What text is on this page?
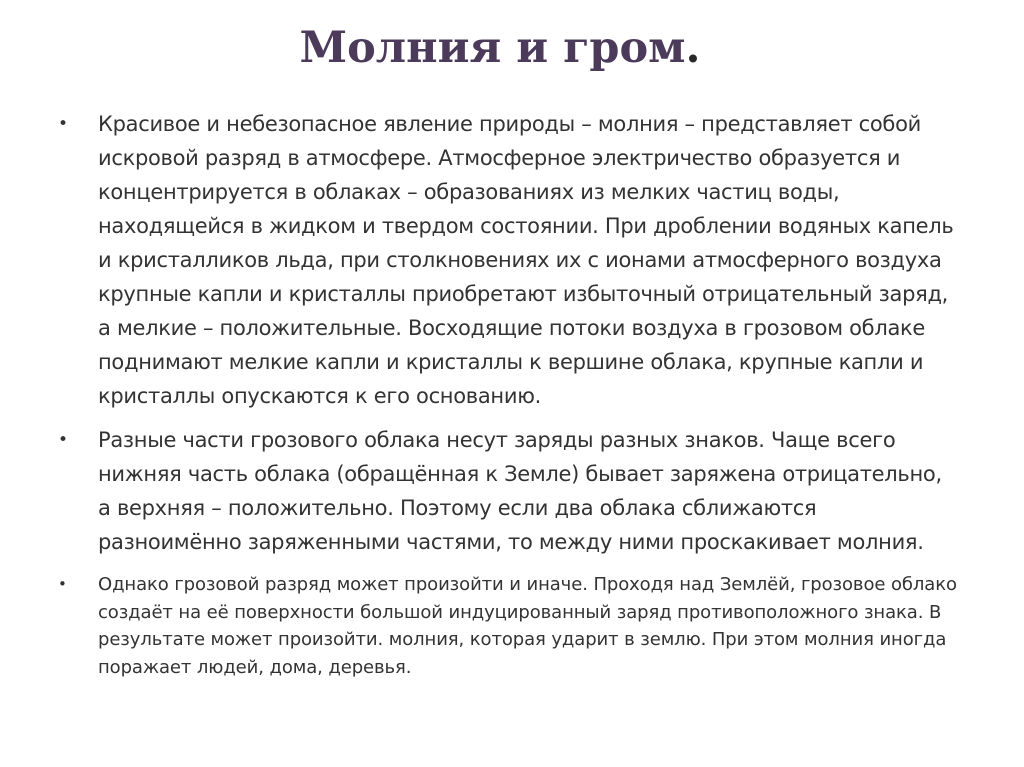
Молния и гром.
•	Красивое и небезопасное явление природы – молния – представляет собой искровой разряд в атмосфере. Атмосферное электричество образуется и концентрируется в облаках – образованиях из мелких частиц воды, находящейся в жидком и твердом состоянии. При дроблении водяных капель и кристалликов льда, при столкновениях их с ионами атмосферного воздуха крупные капли и кристаллы приобретают избыточный отрицательный заряд, а мелкие – положительные. Восходящие потоки воздуха в грозовом облаке поднимают мелкие капли и кристаллы к вершине облака, крупные капли и кристаллы опускаются к его основанию.
•	Разные части грозового облака несут заряды разных знаков. Чаще всего нижняя часть облака (обращённая к Земле) бывает заряжена отрицательно, а верхняя – положительно. Поэтому если два облака сближаются разноимённо заряженными частями, то между ними проскакивает молния.
•	Однако грозовой разряд может произойти и иначе. Проходя над Землёй, грозовое облако создаёт на её поверхности большой индуцированный заряд противоположного знака. В результате может произойти. молния, которая ударит в землю. При этом молния иногда поражает людей, дома, деревья.
